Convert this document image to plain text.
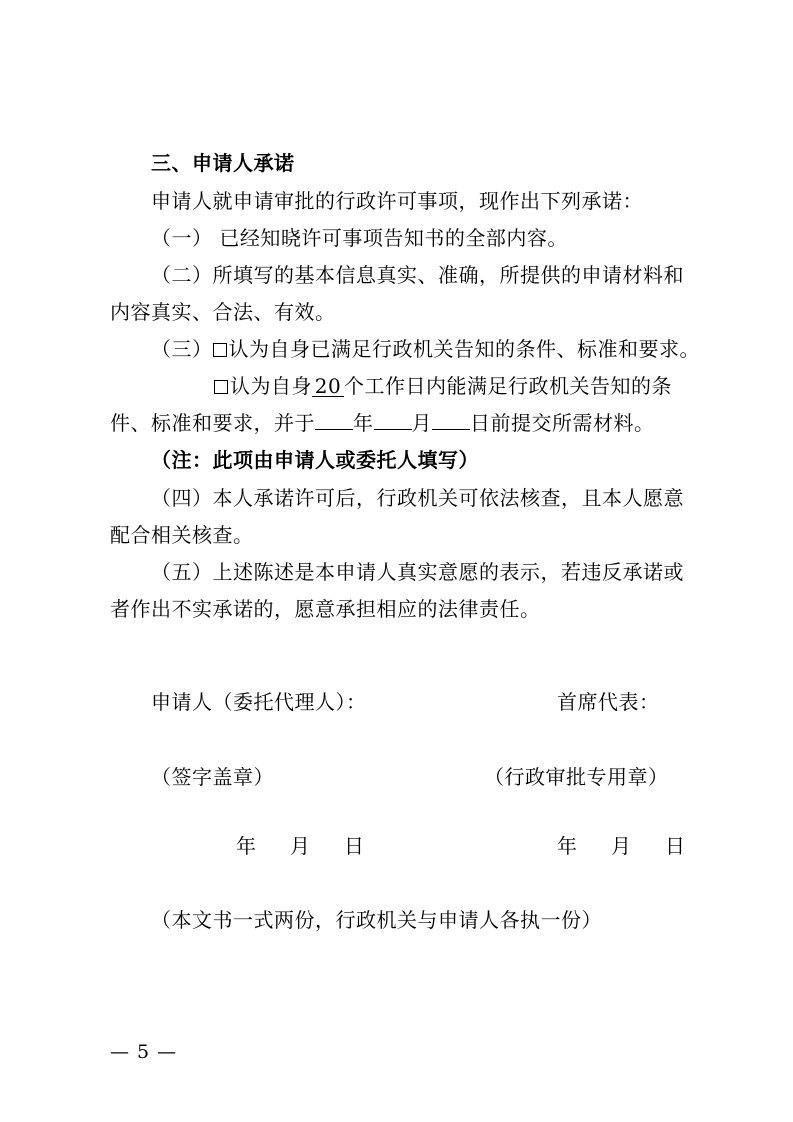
三、申请人承诺
申请人就申请审批的行政许可事项，现作出下列承诺：
（一） 已经知晓许可事项告知书的全部内容。
（二）所填写的基本信息真实、准确，所提供的申请材料和
内容真实、合法、有效。
（三） 认为自身已满足行政机关告知的条件、标准和要求。
认为自身 20 个工作日内能满足行政机关告知的条
件、标准和要求，并于 年 月 日前提交所需材料。
（注：此项由申请人或委托人填写）
（四）本人承诺许可后，行政机关可依法核查，且本人愿意
配合相关核查。
（五）上述陈述是本申请人真实意愿的表示，若违反承诺或
者作出不实承诺的，愿意承担相应的法律责任。
申请人（委托代理人）：	首席代表：
（签字盖章）	（行政审批专用章）
年 月 日	年 月 日
（本文书一式两份，行政机关与申请人各执一份）
— 5 —
